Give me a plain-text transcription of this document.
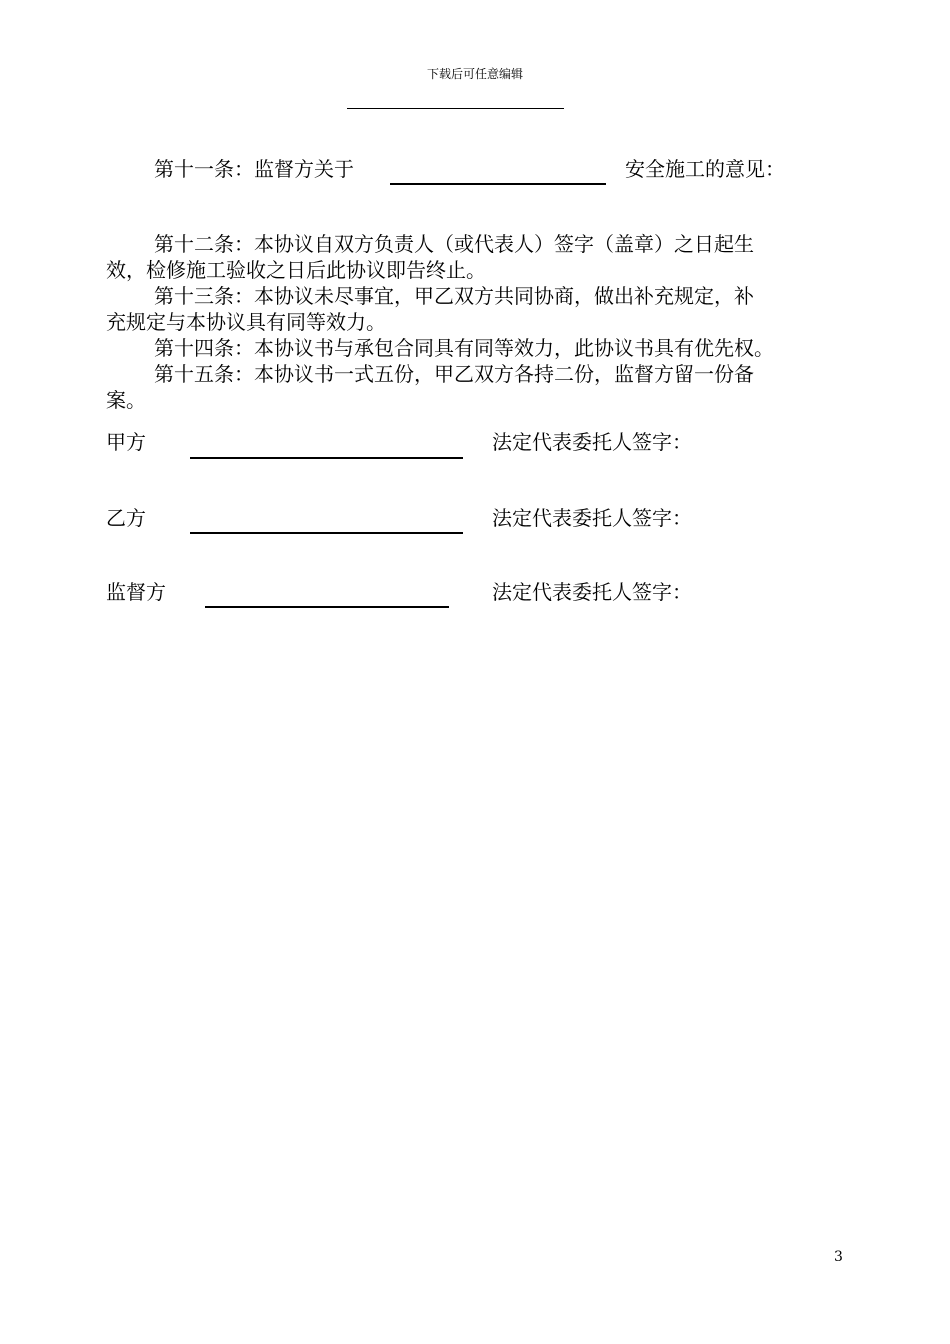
下载后可任意编辑
第十一条：监督方关于	安全施工的意见：
第十二条：本协议自双方负责人（或代表人）签字（盖章）之日起生
效，检修施工验收之日后此协议即告终止。
第十三条：本协议未尽事宜，甲乙双方共同协商，做出补充规定，补
充规定与本协议具有同等效力。
第十四条：本协议书与承包合同具有同等效力，此协议书具有优先权。
第十五条：本协议书一式五份，甲乙双方各持二份，监督方留一份备
案。
甲方	法定代表委托人签字：
乙方	法定代表委托人签字：
监督方	法定代表委托人签字：
3
